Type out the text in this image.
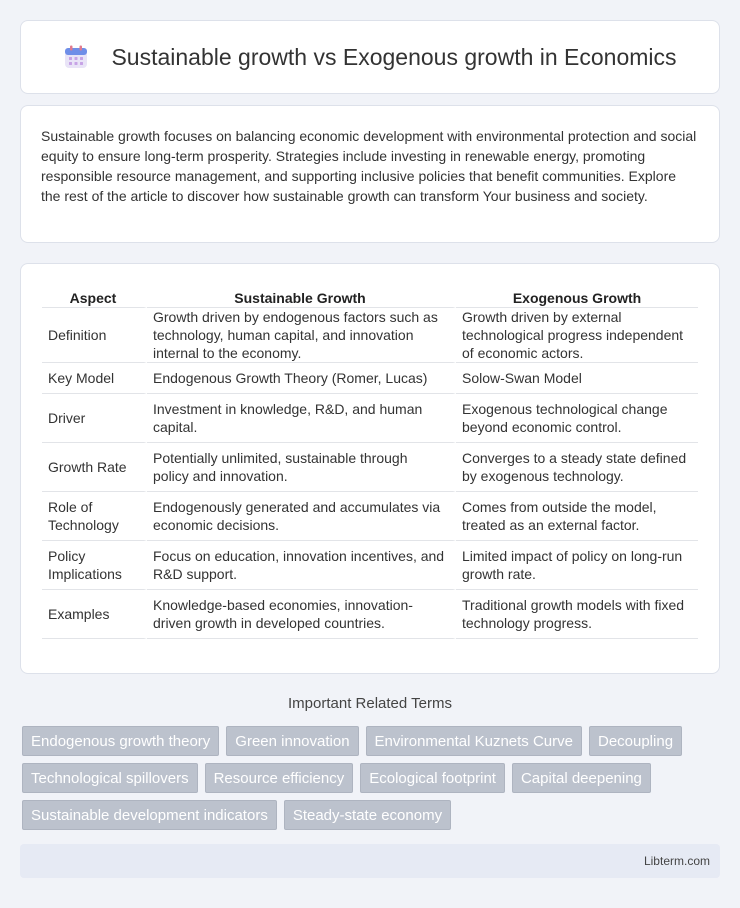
Sustainable growth vs Exogenous growth in Economics

Sustainable growth focuses on balancing economic development with environmental protection and social equity to ensure long-term prosperity. Strategies include investing in renewable energy, promoting responsible resource management, and supporting inclusive policies that benefit communities. Explore the rest of the article to discover how sustainable growth can transform Your business and society.

Aspect	Sustainable Growth	Exogenous Growth
Definition	Growth driven by endogenous factors such as technology, human capital, and innovation internal to the economy.	Growth driven by external technological progress independent of economic actors.
Key Model	Endogenous Growth Theory (Romer, Lucas)	Solow-Swan Model
Driver	Investment in knowledge, R&D, and human capital.	Exogenous technological change beyond economic control.
Growth Rate	Potentially unlimited, sustainable through policy and innovation.	Converges to a steady state defined by exogenous technology.
Role of Technology	Endogenously generated and accumulates via economic decisions.	Comes from outside the model, treated as an external factor.
Policy Implications	Focus on education, innovation incentives, and R&D support.	Limited impact of policy on long-run growth rate.
Examples	Knowledge-based economies, innovation-driven growth in developed countries.	Traditional growth models with fixed technology progress.
Important Related Terms
Endogenous growth theory	Green innovation	Environmental Kuznets Curve	Decoupling
Technological spillovers	Resource efficiency	Ecological footprint	Capital deepening
Sustainable development indicators	Steady-state economy
Libterm.com
